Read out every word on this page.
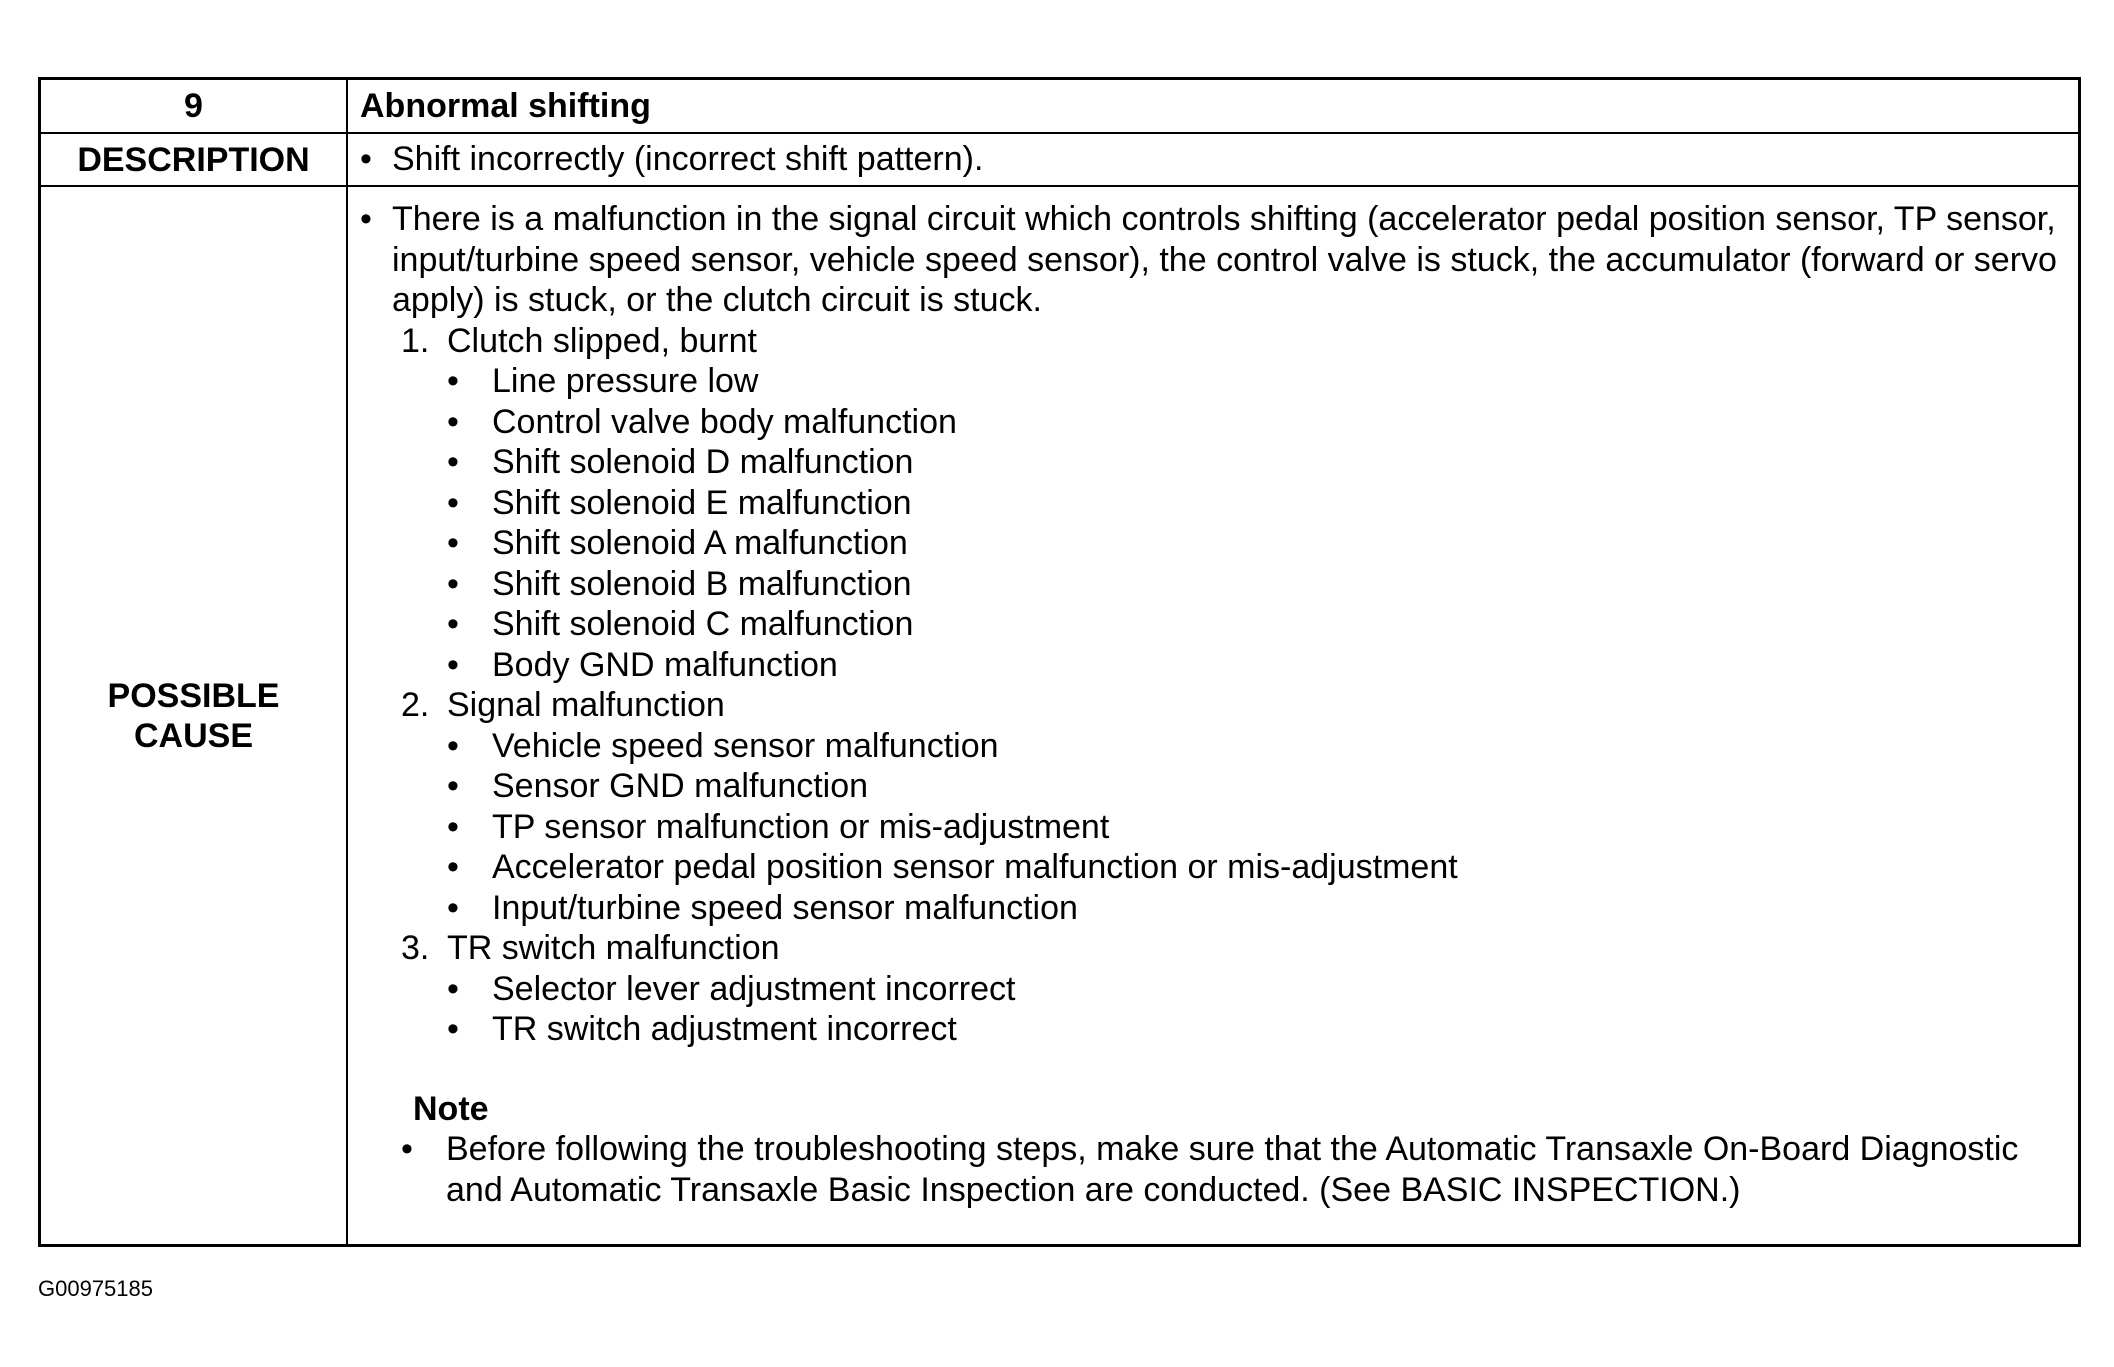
9	Abnormal shifting
DESCRIPTION	• Shift incorrectly (incorrect shift pattern).
POSSIBLE CAUSE
• There is a malfunction in the signal circuit which controls shifting (accelerator pedal position sensor, TP sensor, input/turbine speed sensor, vehicle speed sensor), the control valve is stuck, the accumulator (forward or servo apply) is stuck, or the clutch circuit is stuck.
1. Clutch slipped, burnt
• Line pressure low
• Control valve body malfunction
• Shift solenoid D malfunction
• Shift solenoid E malfunction
• Shift solenoid A malfunction
• Shift solenoid B malfunction
• Shift solenoid C malfunction
• Body GND malfunction
2. Signal malfunction
• Vehicle speed sensor malfunction
• Sensor GND malfunction
• TP sensor malfunction or mis-adjustment
• Accelerator pedal position sensor malfunction or mis-adjustment
• Input/turbine speed sensor malfunction
3. TR switch malfunction
• Selector lever adjustment incorrect
• TR switch adjustment incorrect
Note
• Before following the troubleshooting steps, make sure that the Automatic Transaxle On-Board Diagnostic and Automatic Transaxle Basic Inspection are conducted. (See BASIC INSPECTION.)
G00975185
